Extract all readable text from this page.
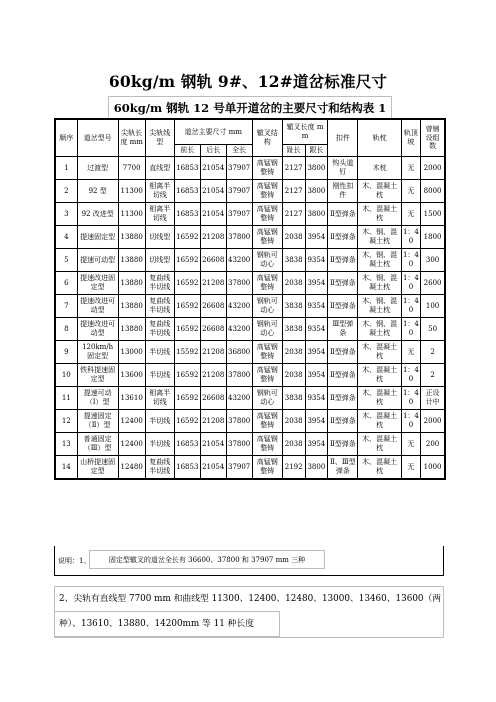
60kg/m 钢轨 9#、12#道岔标准尺寸
60kg/m 钢轨 12 号单开道岔的主要尺寸和结构表 1
顺序	道岔型号	尖轨长度 mm	尖轨线型	道岔主要尺寸 mm			辙叉结构	辙叉长度 mm		扣件	轨枕	轨顶坡	曾铺设组数
				前长	后长	全长		趾长	跟长				
1	过渡型	7700	直线型	16853	21054	37907	高锰钢整铸	2127	3800	钩头道钉	木枕	无	2000
2	92 型	11300	相离半切线	16853	21054	37907	高锰钢整铸	2127	3800	刚性扣件	木、混凝土枕	无	8000
3	92 改进型	11300	相离半切线	16853	21054	37907	高锰钢整铸	2127	3800	Ⅱ型弹条	木、混凝土枕	无	1500
4	提速固定型	13880	切线型	16592	21208	37800	高锰钢整铸	2038	3954	Ⅱ型弹条	木、钢、混凝土枕	1：40	1800
5	提速可动型	13880	切线型	16592	26608	43200	钢轨可动心	3838	9354	Ⅱ型弹条	木、钢、混凝土枕	1：40	300
6	提速改进固定型	13880	复曲线半切线	16592	21208	37800	高锰钢整铸	2038	3954	Ⅱ型弹条	木、钢、混凝土枕	1：40	2600
7	提速改进可动型	13880	复曲线半切线	16592	26608	43200	钢轨可动心	3838	9354	Ⅱ型弹条	木、钢、混凝土枕	1：40	100
8	提速改进可动型	13880	复曲线半切线	16592	26608	43200	钢轨可动心	3838	9354	Ⅲ型弹条	木、钢、混凝土枕	1：40	50
9	120km/h 固定型	13000	半切线	15592	21208	36800	高锰钢整铸	2038	3954	Ⅱ型弹条	木、混凝土枕	无	2
10	铁科提速固定型	13600	半切线	16592	21208	37800	高锰钢整铸	2038	3954	Ⅱ型弹条	木、混凝土枕	1：40	2
11	提速可动（Ⅰ）型	13610	相离半切线	16592	26608	43200	钢轨可动心	3838	9354	Ⅱ型弹条	木、混凝土枕	1：40	正设计中
12	提速固定（Ⅱ）型	12400	半切线	16592	21208	37800	高锰钢整铸	2038	3954	Ⅱ型弹条	木、混凝土枕	1：40	2000
13	普通固定（Ⅲ）型	12400	半切线	16853	21054	37800	高锰钢整铸	2038	3954	Ⅱ型弹条	木、混凝土枕	无	200
14	山桥提速固定型	12480	复曲线半切线	16853	21054	37907	高锰钢整铸	2192	3800	Ⅱ、Ⅲ型弹条	木、混凝土枕	无	1000
说明：1、	固定型辙叉的道岔全长有 36600、37800 和 37907 mm 三种
2、尖轨有直线型 7700 mm 和曲线型 11300、12400、12480、13000、13460、13600（两
种）、13610、13880、14200mm 等 11 种长度
